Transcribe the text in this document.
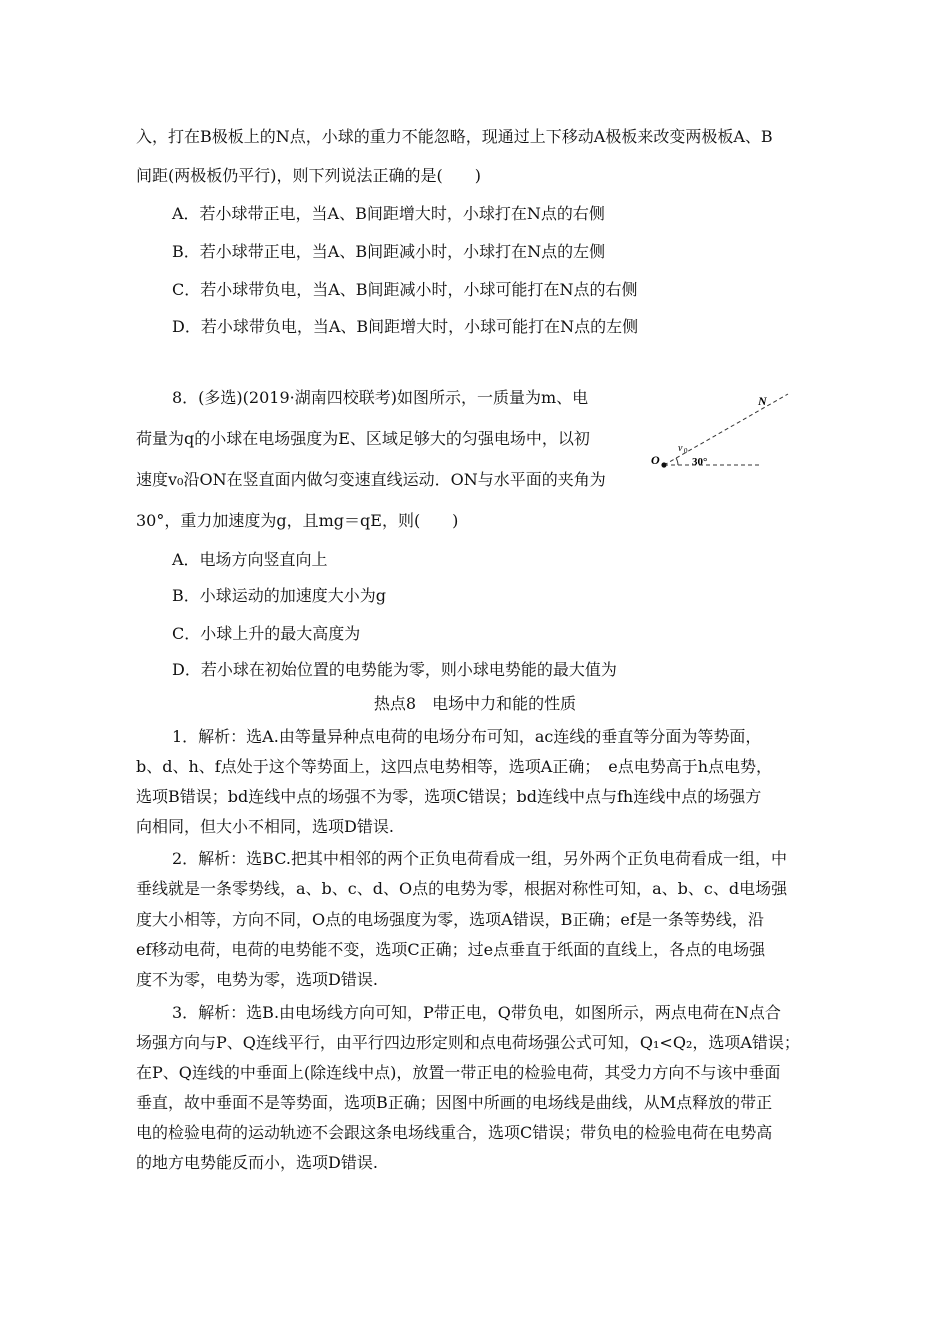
入，打在B极板上的N点，小球的重力不能忽略，现通过上下移动A极板来改变两极板A、B
间距(两极板仍平行)，则下列说法正确的是(　　)
A．若小球带正电，当A、B间距增大时，小球打在N点的右侧
B．若小球带正电，当A、B间距减小时，小球打在N点的左侧
C．若小球带负电，当A、B间距减小时，小球可能打在N点的右侧
D．若小球带负电，当A、B间距增大时，小球可能打在N点的左侧
8．(多选)(2019·湖南四校联考)如图所示，一质量为m、电
荷量为q的小球在电场强度为E、区域足够大的匀强电场中，以初
速度v₀沿ON在竖直面内做匀变速直线运动．ON与水平面的夹角为
30°，重力加速度为g，且mg＝qE，则(　　)
A．电场方向竖直向上
B．小球运动的加速度大小为g
C．小球上升的最大高度为
D．若小球在初始位置的电势能为零，则小球电势能的最大值为
N
O
v 0
30°
热点8　电场中力和能的性质
1．解析：选A.由等量异种点电荷的电场分布可知，ac连线的垂直等分面为等势面，
b、d、h、f点处于这个等势面上，这四点电势相等，选项A正确；　e点电势高于h点电势，
选项B错误；bd连线中点的场强不为零，选项C错误；bd连线中点与fh连线中点的场强方
向相同，但大小不相同，选项D错误.
2．解析：选BC.把其中相邻的两个正负电荷看成一组，另外两个正负电荷看成一组，中
垂线就是一条零势线，a、b、c、d、O点的电势为零，根据对称性可知，a、b、c、d电场强
度大小相等，方向不同，O点的电场强度为零，选项A错误，B正确；ef是一条等势线，沿
ef移动电荷，电荷的电势能不变，选项C正确；过e点垂直于纸面的直线上，各点的电场强
度不为零，电势为零，选项D错误.
3．解析：选B.由电场线方向可知，P带正电，Q带负电，如图所示，两点电荷在N点合
场强方向与P、Q连线平行，由平行四边形定则和点电荷场强公式可知，Q₁<Q₂，选项A错误；
在P、Q连线的中垂面上(除连线中点)，放置一带正电的检验电荷，其受力方向不与该中垂面
垂直，故中垂面不是等势面，选项B正确；因图中所画的电场线是曲线，从M点释放的带正
电的检验电荷的运动轨迹不会跟这条电场线重合，选项C错误；带负电的检验电荷在电势高
的地方电势能反而小，选项D错误.
